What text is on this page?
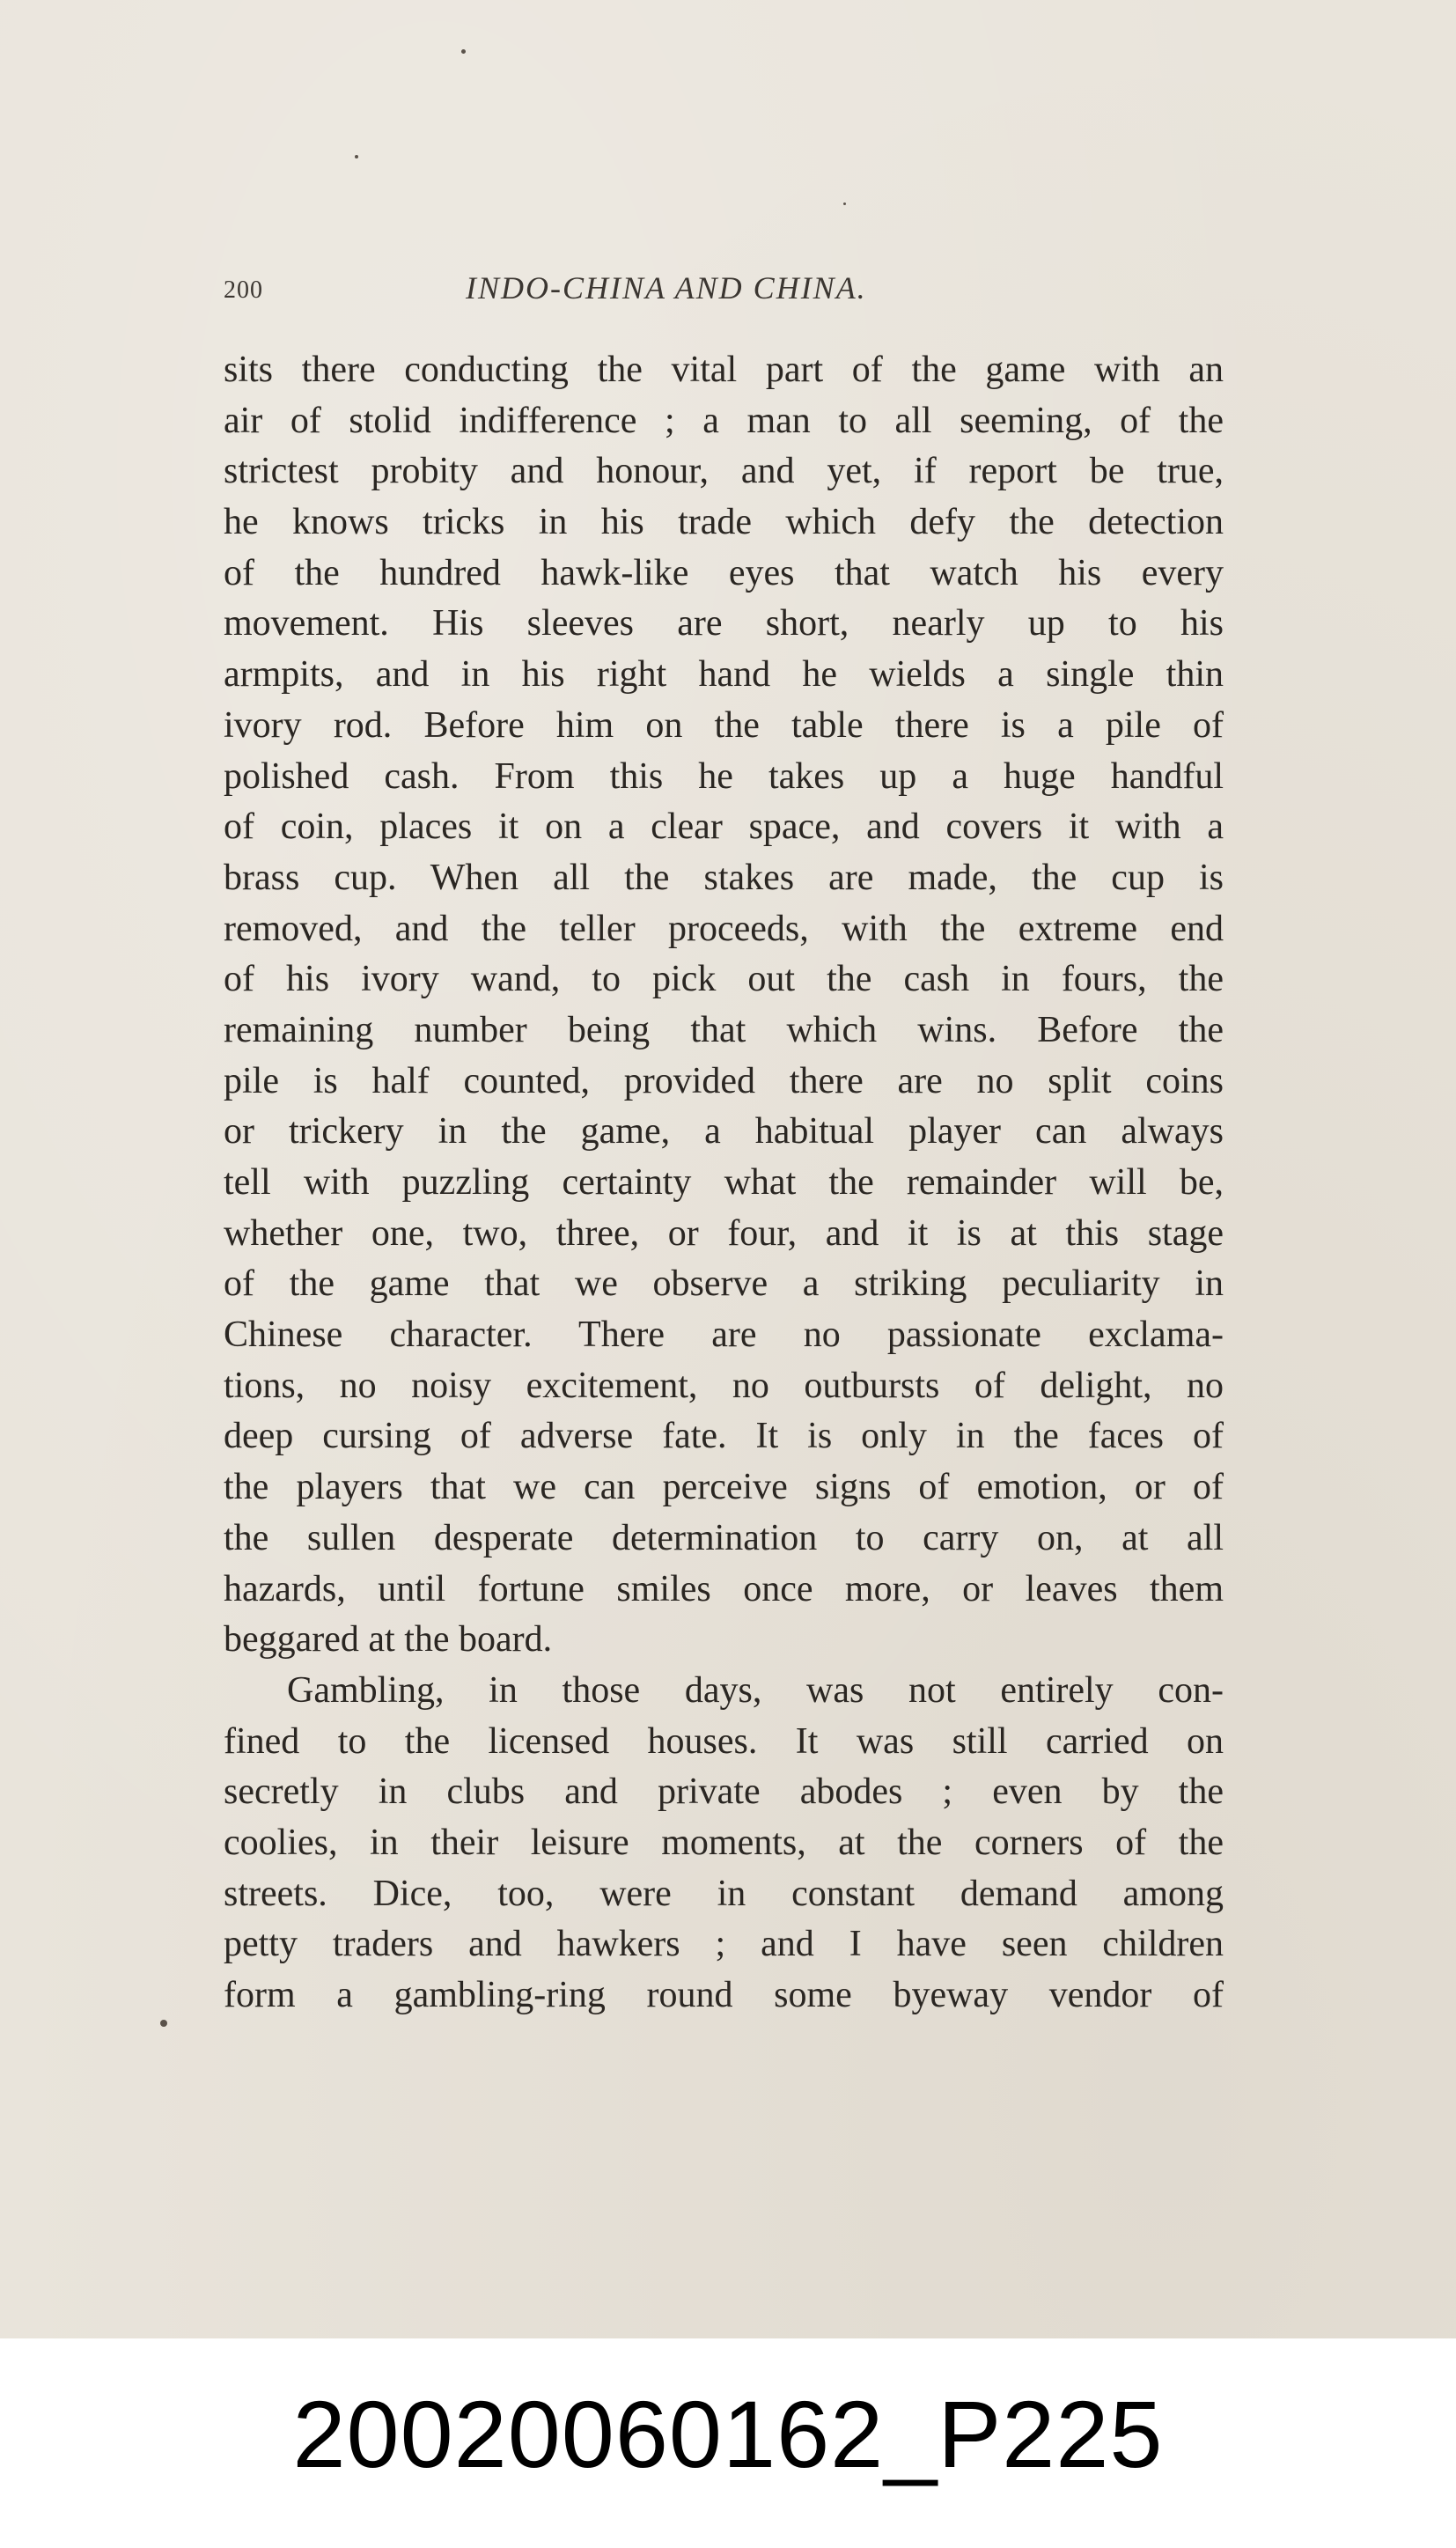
200	INDO-CHINA AND CHINA.
sits there conducting the vital part of the game with an
air of stolid indifference ; a man to all seeming, of the
strictest probity and honour, and yet, if report be true,
he knows tricks in his trade which defy the detection
of the hundred hawk-like eyes that watch his every
movement. His sleeves are short, nearly up to his
armpits, and in his right hand he wields a single thin
ivory rod. Before him on the table there is a pile of
polished cash. From this he takes up a huge handful
of coin, places it on a clear space, and covers it with a
brass cup. When all the stakes are made, the cup is
removed, and the teller proceeds, with the extreme end
of his ivory wand, to pick out the cash in fours, the
remaining number being that which wins. Before the
pile is half counted, provided there are no split coins
or trickery in the game, a habitual player can always
tell with puzzling certainty what the remainder will be,
whether one, two, three, or four, and it is at this stage
of the game that we observe a striking peculiarity in
Chinese character. There are no passionate exclama-
tions, no noisy excitement, no outbursts of delight, no
deep cursing of adverse fate. It is only in the faces of
the players that we can perceive signs of emotion, or of
the sullen desperate determination to carry on, at all
hazards, until fortune smiles once more, or leaves them
beggared at the board.
Gambling, in those days, was not entirely con-
fined to the licensed houses. It was still carried on
secretly in clubs and private abodes ; even by the
coolies, in their leisure moments, at the corners of the
streets. Dice, too, were in constant demand among
petty traders and hawkers ; and I have seen children
form a gambling-ring round some byeway vendor of
20020060162_P225
